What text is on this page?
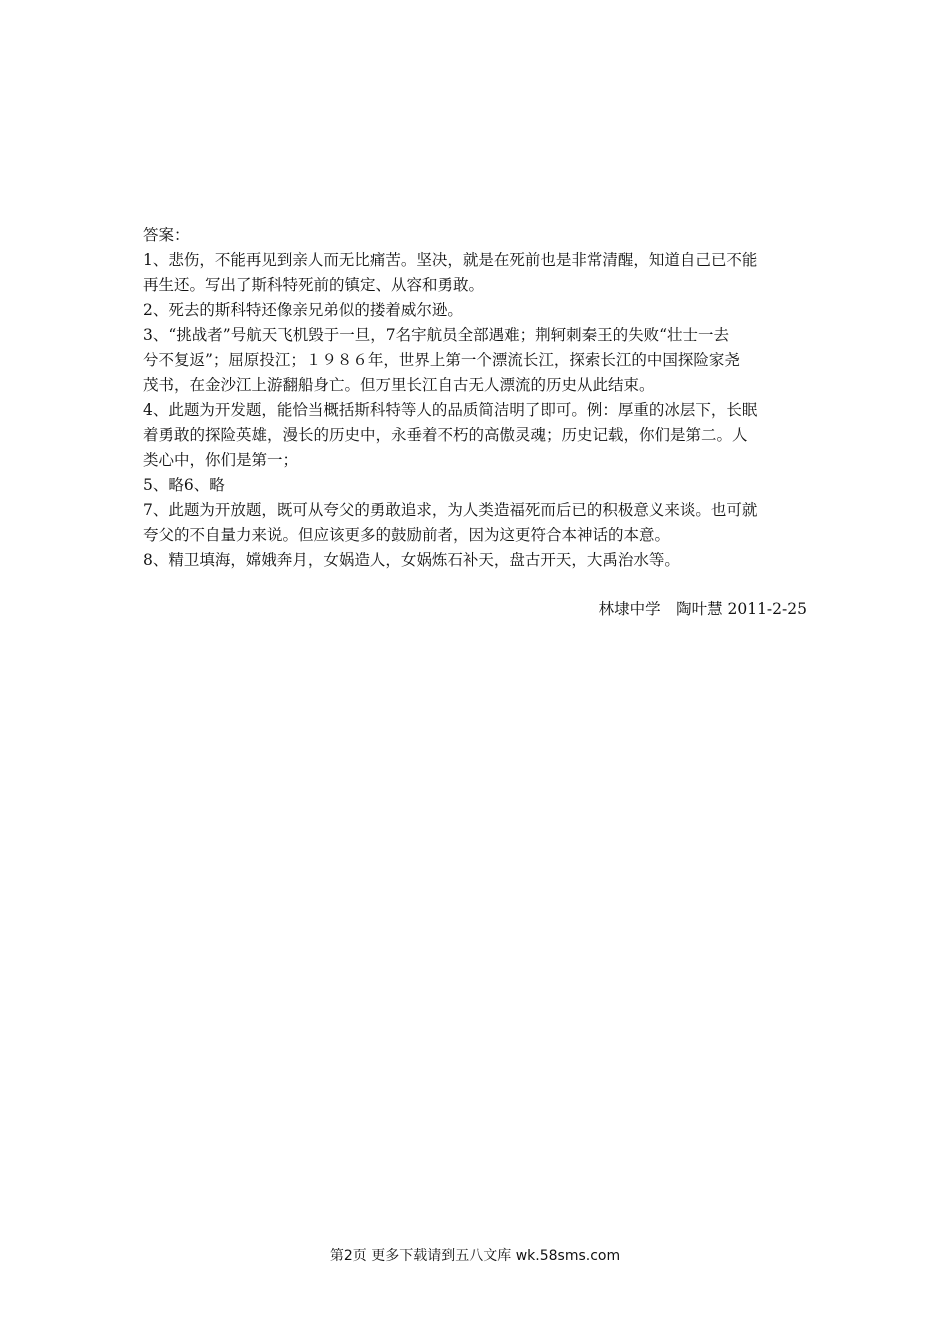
答案：
1、悲伤，不能再见到亲人而无比痛苦。坚决，就是在死前也是非常清醒，知道自己已不能
再生还。写出了斯科特死前的镇定、从容和勇敢。
2、死去的斯科特还像亲兄弟似的搂着威尔逊。
3、“挑战者”号航天飞机毁于一旦，7名宇航员全部遇难；荆轲刺秦王的失败“壮士一去
兮不复返”；屈原投江；１９８６年，世界上第一个漂流长江，探索长江的中国探险家尧
茂书，在金沙江上游翻船身亡。但万里长江自古无人漂流的历史从此结束。
4、此题为开发题，能恰当概括斯科特等人的品质简洁明了即可。例：厚重的冰层下，长眠
着勇敢的探险英雄，漫长的历史中，永垂着不朽的高傲灵魂；历史记载，你们是第二。人
类心中，你们是第一；
5、略6、略
7、此题为开放题，既可从夸父的勇敢追求，为人类造福死而后已的积极意义来谈。也可就
夸父的不自量力来说。但应该更多的鼓励前者，因为这更符合本神话的本意。
8、精卫填海，嫦娥奔月，女娲造人，女娲炼石补天，盘古开天，大禹治水等。
林埭中学　陶叶慧 2011-2-25
第2页 更多下载请到五八文库 wk.58sms.com
